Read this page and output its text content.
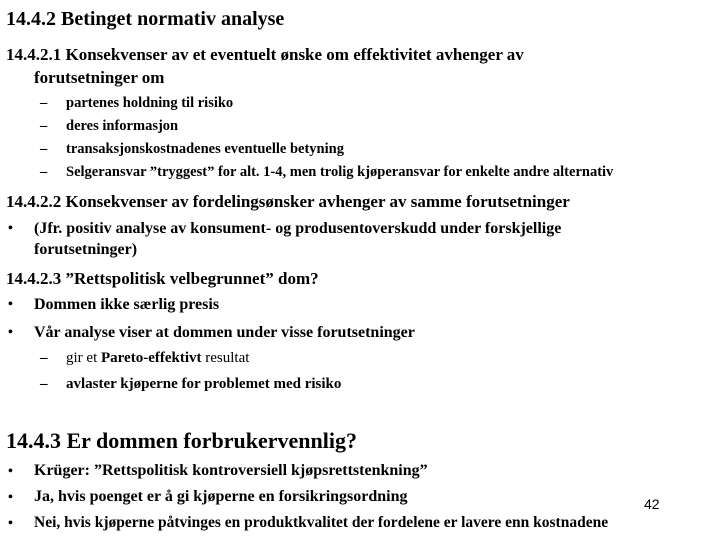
14.4.2 Betinget normativ analyse
14.4.2.1 Konsekvenser av et eventuelt ønske om effektivitet avhenger av
forutsetninger om
– partenes holdning til risiko
– deres informasjon
– transaksjonskostnadenes eventuelle betyning
– Selgeransvar ”tryggest” for alt. 1-4, men trolig kjøperansvar for enkelte andre alternativ
14.4.2.2 Konsekvenser av fordelingsønsker avhenger av samme forutsetninger
• (Jfr. positiv analyse av konsument- og produsentoverskudd under forskjellige
forutsetninger)
14.4.2.3 ”Rettspolitisk velbegrunnet” dom?
• Dommen ikke særlig presis
• Vår analyse viser at dommen under visse forutsetninger
– gir et Pareto-effektivt resultat
– avlaster kjøperne for problemet med risiko
14.4.3 Er dommen forbrukervennlig?
• Krüger: ”Rettspolitisk kontroversiell kjøpsrettstenkning”
• Ja, hvis poenget er å gi kjøperne en forsikringsordning
• Nei, hvis kjøperne påtvinges en produktkvalitet der fordelene er lavere enn kostnadene
42
